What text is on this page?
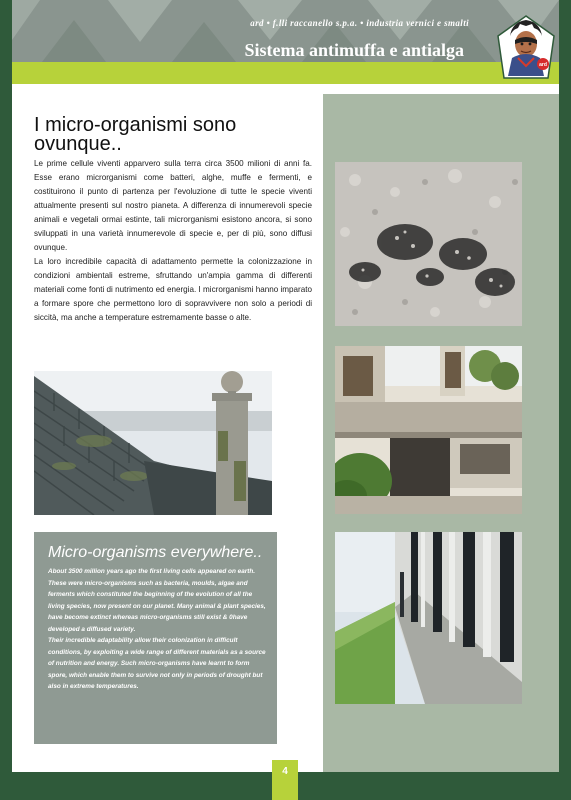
ard • f.lli raccanello s.p.a. • industria vernici e smalti
Sistema antimuffa e antialga
ard
I micro-organismi sono ovunque..

Le prime cellule viventi apparvero sulla terra circa 3500 milioni di anni fa. Esse erano microrganismi come batteri, alghe, muffe e fermenti, e costituirono il punto di partenza per l'evoluzione di tutte le specie viventi attualmente presenti sul nostro pianeta. A differenza di innumerevoli specie animali e vegetali ormai estinte, tali microrganismi esistono ancora, si sono sviluppati in una varietà innumerevole di specie e, per di più, sono diffusi ovunque.

La loro incredibile capacità di adattamento permette la colonizzazione in condizioni ambientali estreme, sfruttando un'ampia gamma di differenti materiali come fonti di nutrimento ed energia. I microrganismi hanno imparato a formare spore che permettono loro di sopravvivere non solo a periodi di siccità, ma anche a temperature estremamente basse o alte.

Micro-organisms everywhere..

About 3500 million years ago the first living cells appeared on earth. These were micro-organisms such as bacteria, moulds, algae and ferments which constituted the beginning of the evolution of all the living species, now present on our planet. Many animal & plant species, have become extinct whereas micro-organisms still exist & 0have developed a diffused variety.

Their incredible adaptability allow their colonization in difficult conditions, by exploiting a wide range of different materials as a source of nutrition and energy. Such micro-organisms have learnt to form spore, which enable them to survive not only in periods of drought but also in extreme temperatures.

4
